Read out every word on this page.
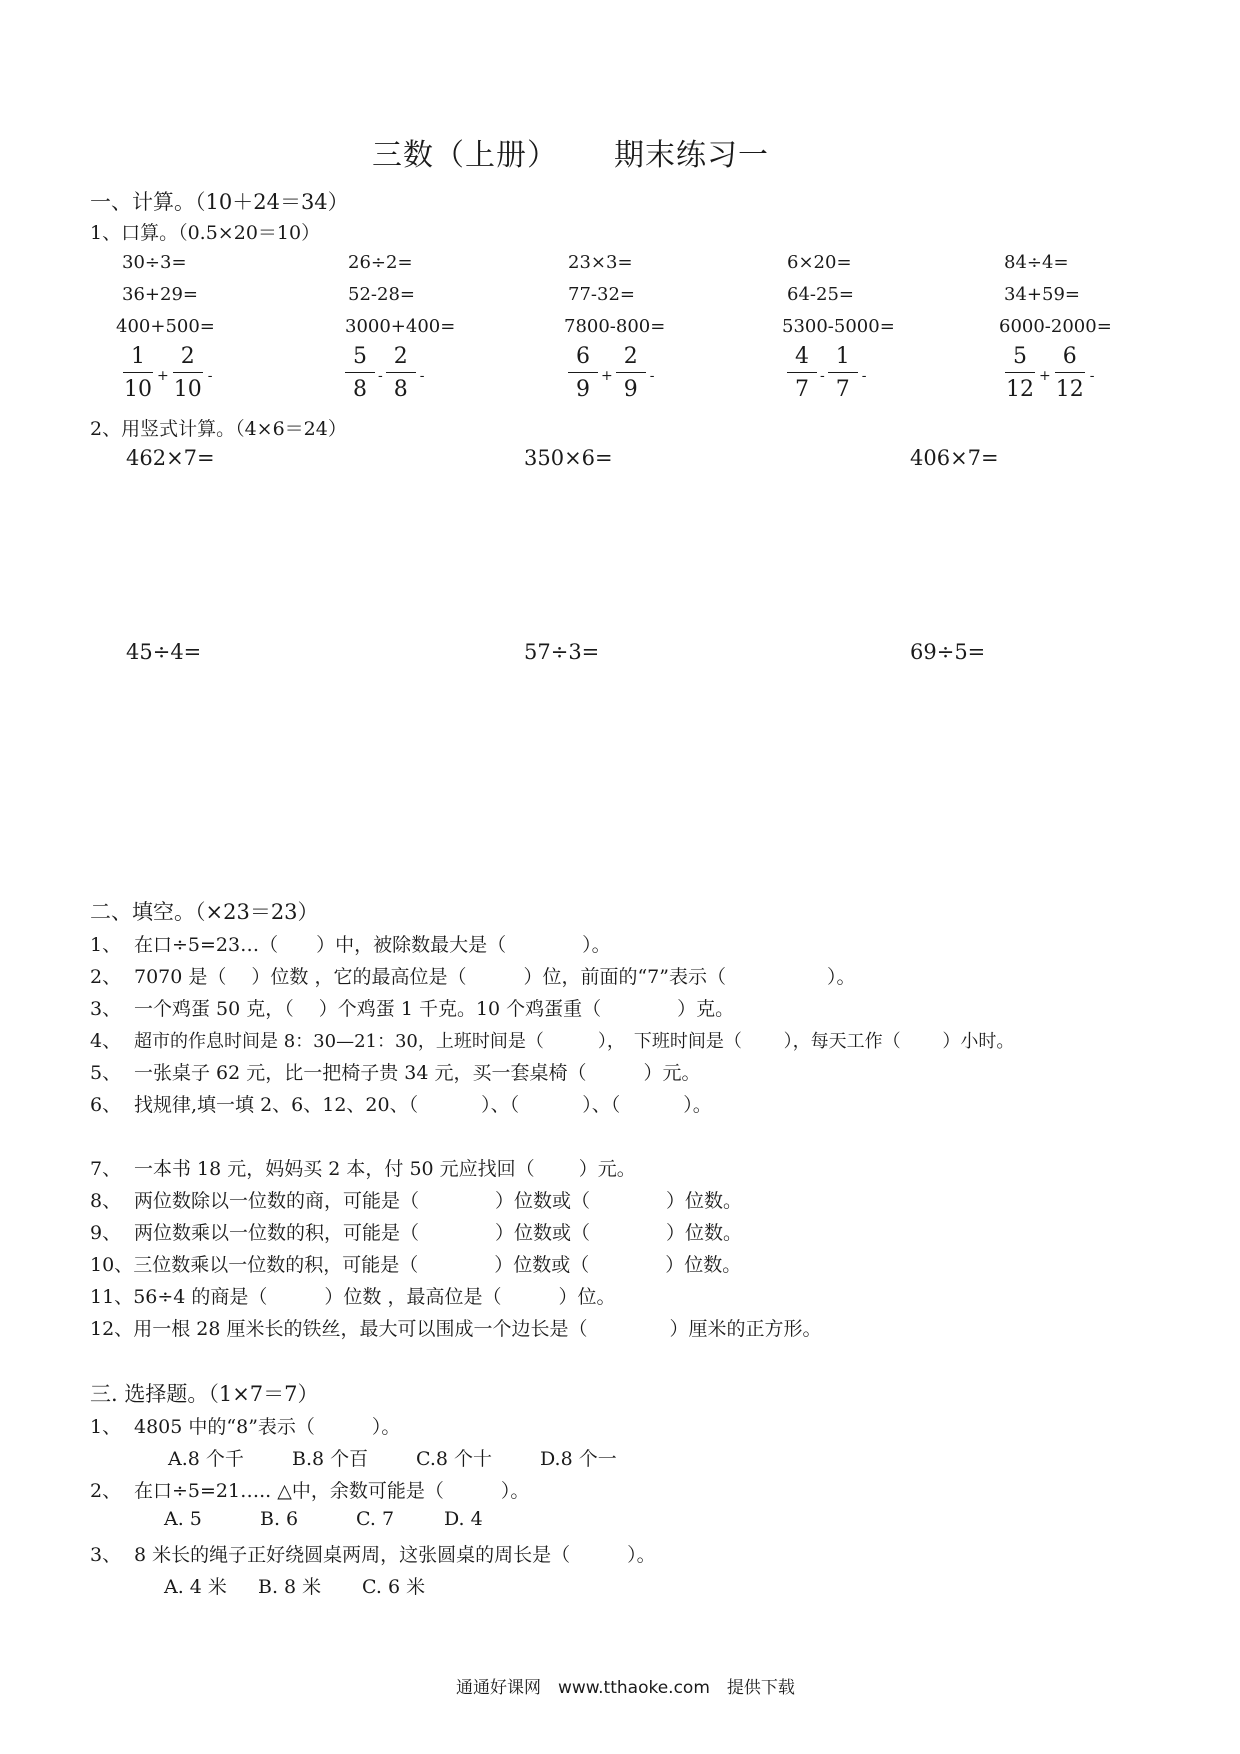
三数（上册） 期末练习一
一、计算。（10＋24＝34）
1、口算。（0.5×20＝10）
30÷3=	26÷2=	23×3=	6×20=	84÷4=
36+29=	52-28=	77-32=	64-25=	34+59=
400+500=	3000+400=	7800-800=	5300-5000=	6000-2000=
$\frac{1}{10} + \frac{2}{10}$ -	$\frac{5}{8} - \frac{2}{8}$ -	$\frac{6}{9} + \frac{2}{9}$ -	$\frac{4}{7} - \frac{1}{7}$ -	$\frac{5}{12} + \frac{6}{12}$ -
2、用竖式计算。（4×6＝24）
462×7=	350×6=	406×7=
45÷4=	57÷3=	69÷5=
二、填空。（×23＝23）
1、 在口÷5=23…（　　）中，被除数最大是（　　　　）。
2、 7070 是（　 ）位数 ，它的最高位是（　　　）位，前面的“7”表示（　　　　　 ）。
3、 一个鸡蛋 50 克，（　 ）个鸡蛋 1 千克。10 个鸡蛋重（　　　　）克。
4、 超市的作息时间是 8：30—21：30，上班时间是（　　　），　下班时间是（　　 ），每天工作（　　 ）小时。
5、 一张桌子 62 元，比一把椅子贵 34 元，买一套桌椅（　　　）元。
6、 找规律,填一填 2、6、12、20、（　　　 ）、（　　　 ）、（　　　 ）。
7、 一本书 18 元，妈妈买 2 本，付 50 元应找回（　　 ）元。
8、 两位数除以一位数的商，可能是（　　　　）位数或（　　　　）位数。
9、 两位数乘以一位数的积，可能是（　　　　）位数或（　　　　）位数。
10、三位数乘以一位数的积，可能是（　　　　）位数或（　　　　）位数。
11、56÷4 的商是（　　　）位数 ，最高位是（　　　）位。
12、用一根 28 厘米长的铁丝，最大可以围成一个边长是（　　　　 ）厘米的正方形。
三. 选择题。（1×7＝7）
1、 4805 中的“8”表示（　　　）。
A.8 个千	B.8 个百	C.8 个十	D.8 个一
2、 在口÷5=21….. △中，余数可能是（　　　）。
A. 5	B. 6	C. 7	D. 4
3、 8 米长的绳子正好绕圆桌两周，这张圆桌的周长是（　　　）。
A. 4 米 B. 8 米 C. 6 米
通通好课网　www.tthaoke.com　提供下载
